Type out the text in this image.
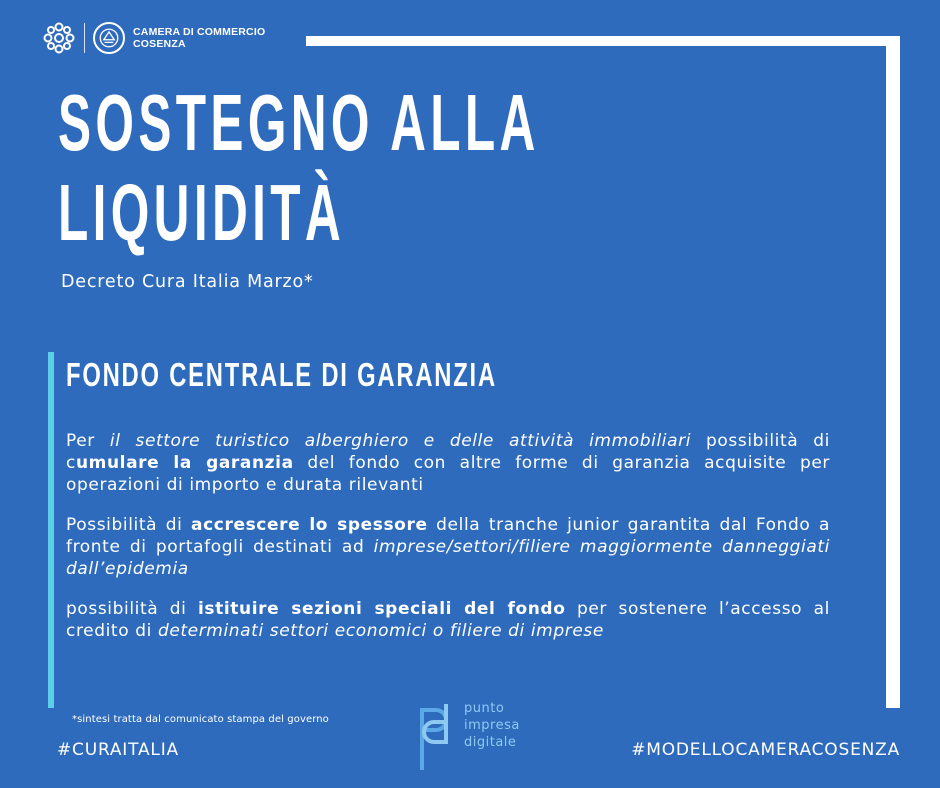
CAMERA DI COMMERCIO
COSENZA
SOSTEGNO ALLA
LIQUIDITÀ
Decreto Cura Italia Marzo*
FONDO CENTRALE DI GARANZIA

Per il settore turistico alberghiero e delle attività immobiliari possibilità di cumulare la garanzia del fondo con altre forme di garanzia acquisite per operazioni di importo e durata rilevanti

Possibilità di accrescere lo spessore della tranche junior garantita dal Fondo a fronte di portafogli destinati ad imprese/settori/filiere maggiormente danneggiati dall’epidemia

possibilità di istituire sezioni speciali del fondo per sostenere l’accesso al credito di determinati settori economici o filiere di imprese

*sintesi tratta dal comunicato stampa del governo
#CURAITALIA	#MODELLOCAMERACOSENZA
punto
impresa
digitale
